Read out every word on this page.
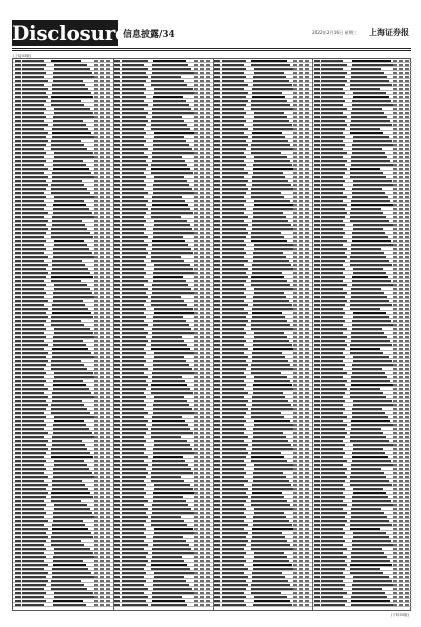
Disclosure
信息披露/34	2022年2月16日 星期三 上海证券报
(上接33版)
(下转35版)
